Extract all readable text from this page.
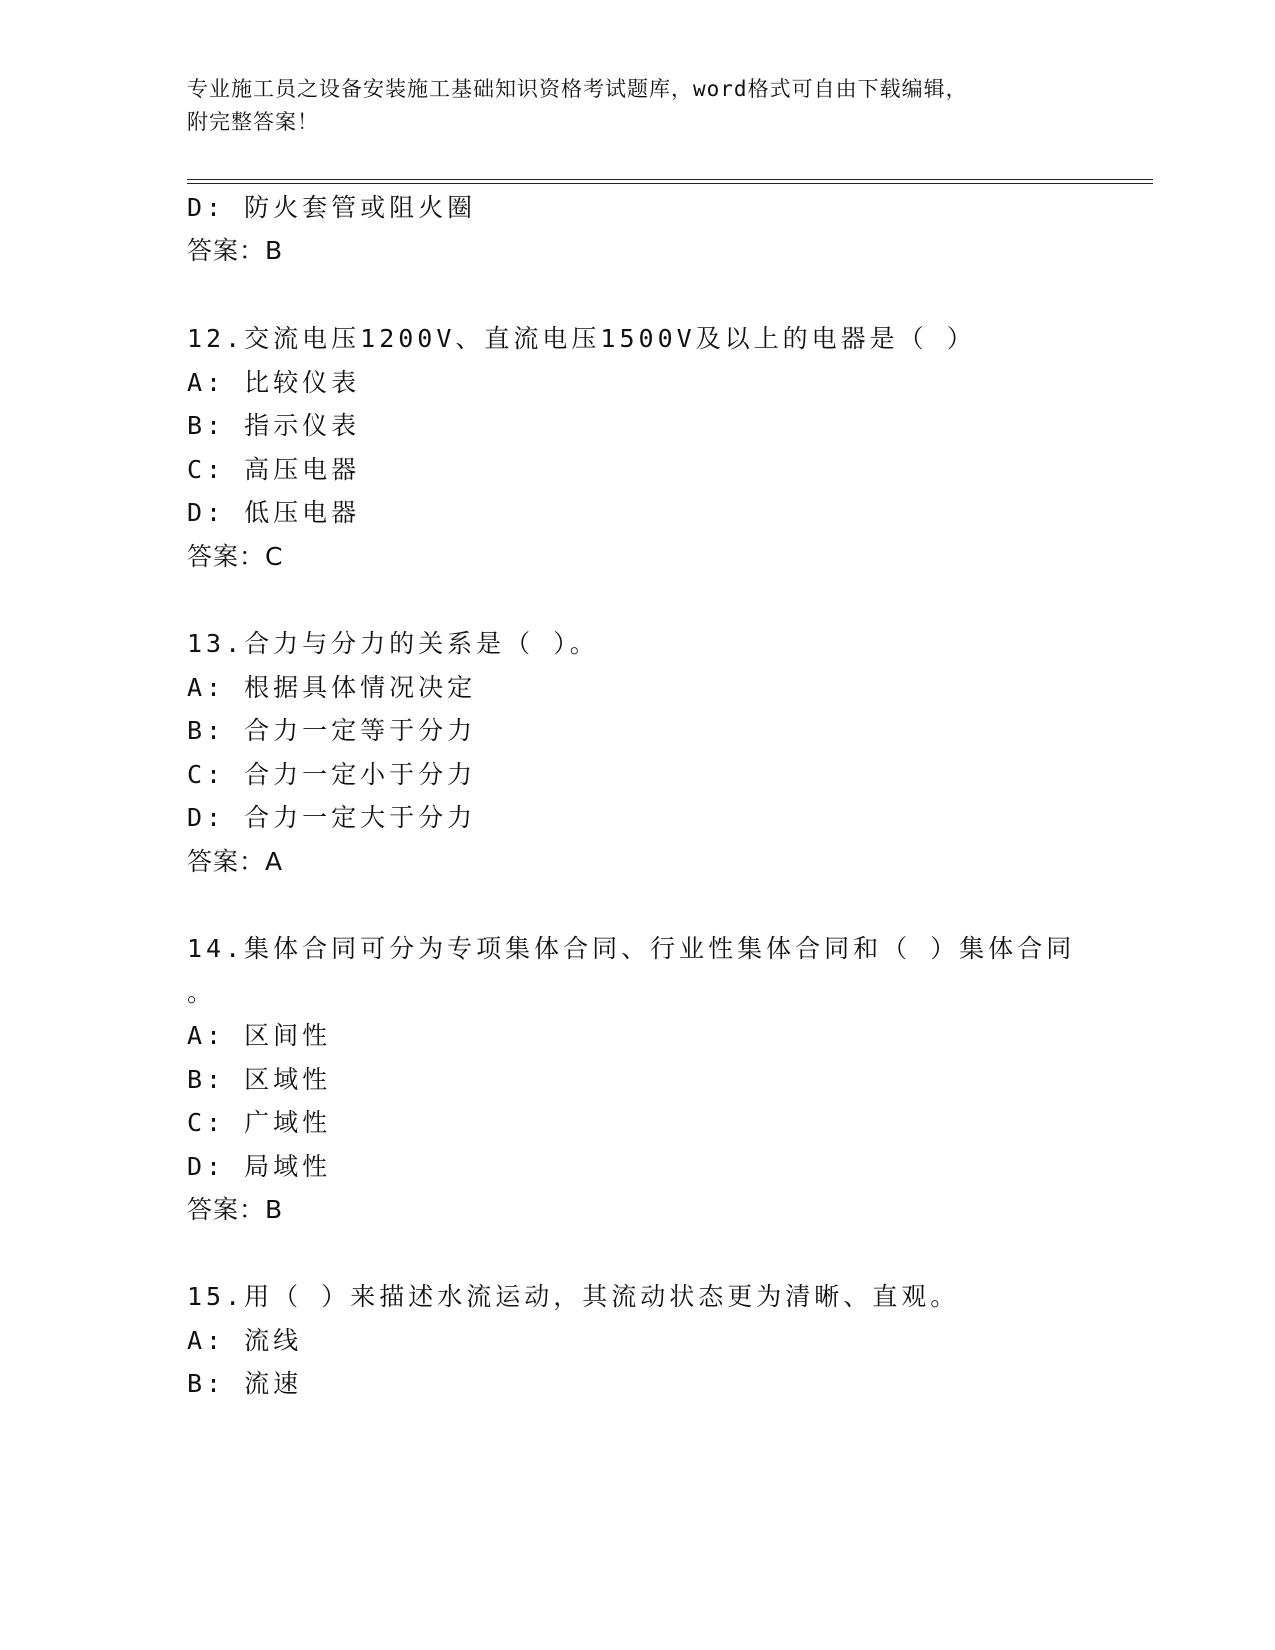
专业施工员之设备安装施工基础知识资格考试题库，word格式可自由下载编辑，
附完整答案！
D: 防火套管或阻火圈
答案：B
12.交流电压1200V、直流电压1500V及以上的电器是（ ）
A: 比较仪表
B: 指示仪表
C: 高压电器
D: 低压电器
答案：C
13.合力与分力的关系是（ ）。
A: 根据具体情况决定
B: 合力一定等于分力
C: 合力一定小于分力
D: 合力一定大于分力
答案：A
14.集体合同可分为专项集体合同、行业性集体合同和（ ）集体合同
。
A: 区间性
B: 区域性
C: 广域性
D: 局域性
答案：B
15.用（ ）来描述水流运动，其流动状态更为清晰、直观。
A: 流线
B: 流速
